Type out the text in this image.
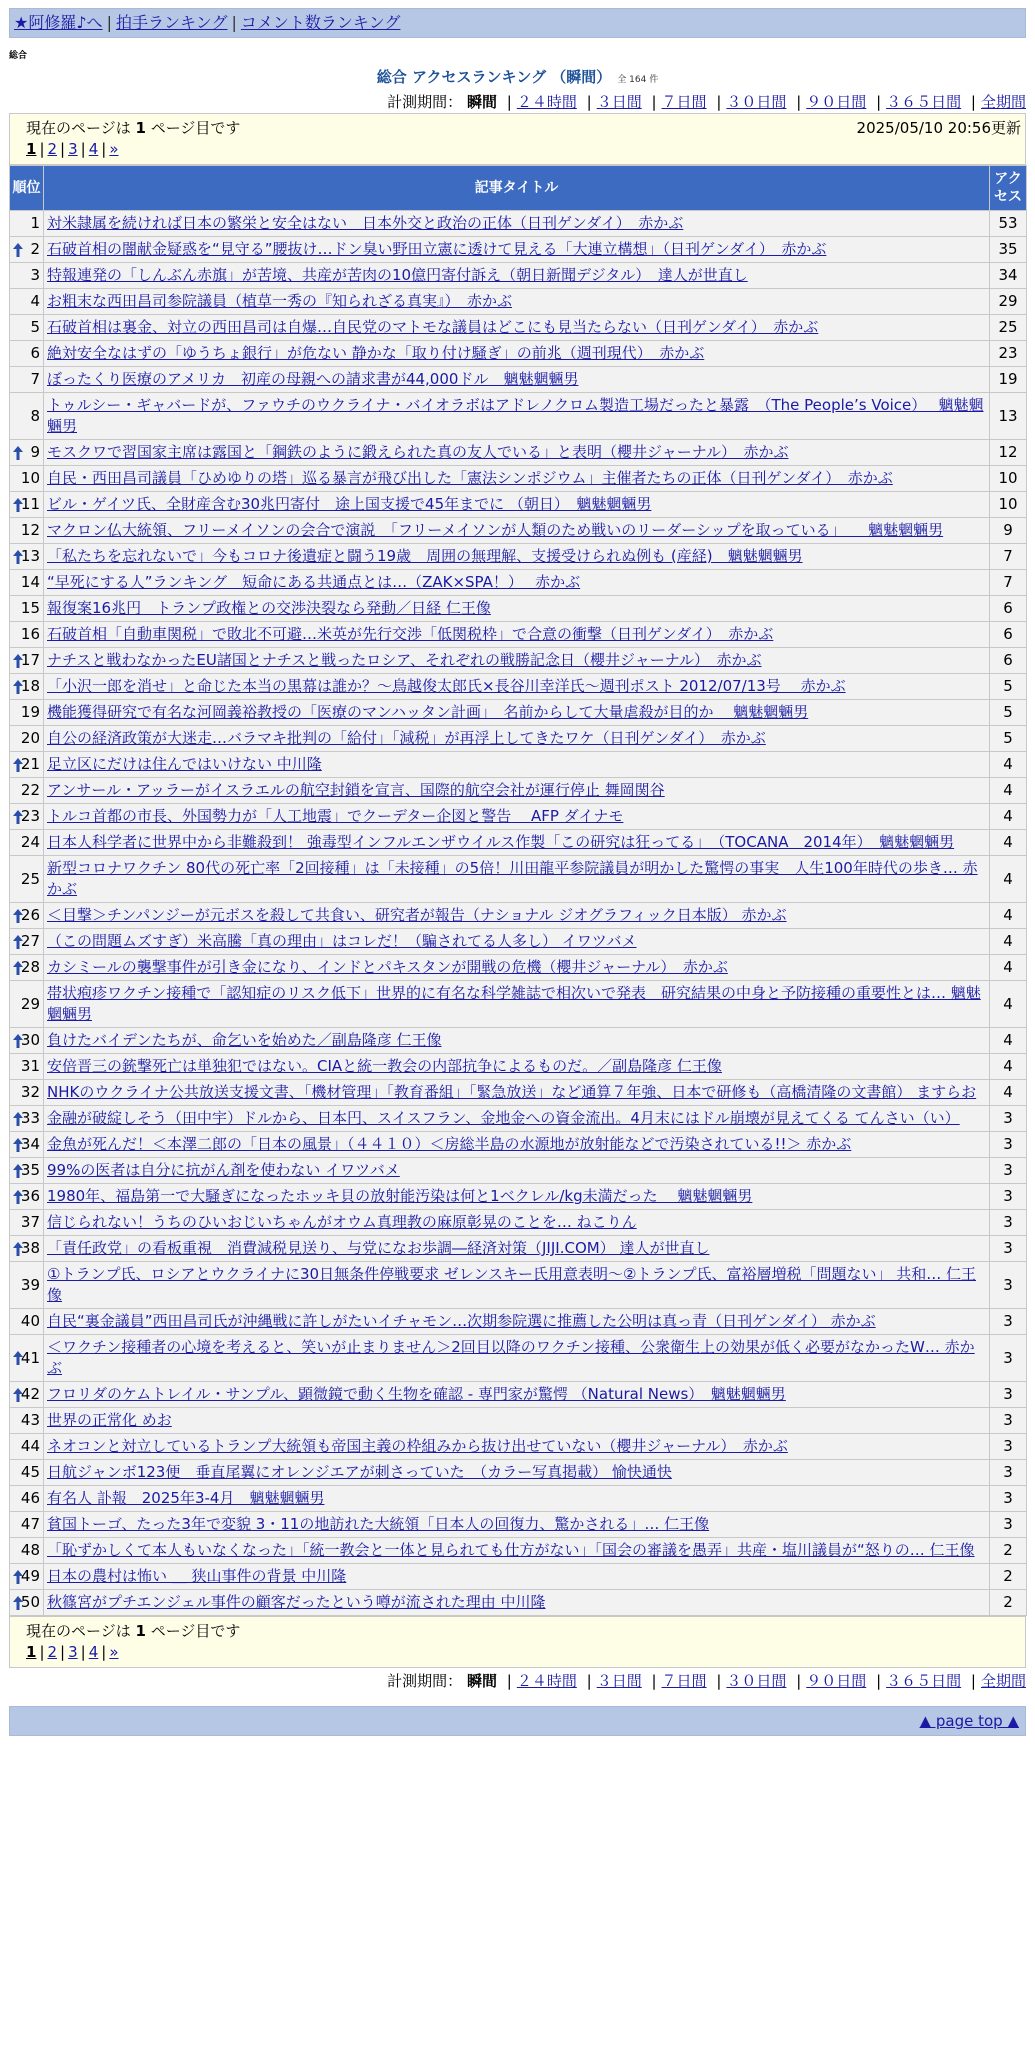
★阿修羅♪へ | 拍手ランキング | コメント数ランキング
総合
総合 アクセスランキング （瞬間） 全 164 件
計測期間： 瞬間 | ２４時間 | ３日間 | ７日間 | ３０日間 | ９０日間 | ３６５日間 | 全期間
現在のページは 1 ページ目です	2025/05/10 20:56更新
1 | 2 | 3 | 4 | »
順位	記事タイトル	アクセス
1	対米隷属を続ければ日本の繁栄と安全はない　日本外交と政治の正体（日刊ゲンダイ）　赤かぶ	53

2	石破首相の闇献金疑惑を“見守る”腰抜け…ドン臭い野田立憲に透けて見える「大連立構想」（日刊ゲンダイ）　赤かぶ	35
3	特報連発の「しんぶん赤旗」が苦境、共産が苦肉の10億円寄付訴え（朝日新聞デジタル）　達人が世直し	34
4	お粗末な西田昌司参院議員（植草一秀の『知られざる真実』）　赤かぶ	29
5	石破首相は裏金、対立の西田昌司は自爆…自民党のマトモな議員はどこにも見当たらない（日刊ゲンダイ）　赤かぶ	25
6	絶対安全なはずの「ゆうちょ銀行」が危ない 静かな「取り付け騒ぎ」の前兆（週刊現代）　赤かぶ	23
7	ぼったくり医療のアメリカ　初産の母親への請求書が44,000ドル　魑魅魍魎男	19
8	トゥルシー・ギャバードが、ファウチのウクライナ・バイオラボはアドレノクロム製造工場だったと暴露　（The People’s Voice）　 魑魅魍魎男	13

9	モスクワで習国家主席は露国と「鋼鉄のように鍛えられた真の友人でいる」と表明（櫻井ジャーナル）　赤かぶ	12
10	自民・西田昌司議員「ひめゆりの塔」巡る暴言が飛び出した「憲法シンポジウム」主催者たちの正体（日刊ゲンダイ）　赤かぶ	10

11	ビル・ゲイツ氏、全財産含む30兆円寄付　途上国支援で45年までに （朝日）　魑魅魍魎男	10
12	マクロン仏大統領、フリーメイソンの会合で演説　「フリーメイソンが人類のため戦いのリーダーシップを取っている」　　魑魅魍魎男	9

13	「私たちを忘れないで」今もコロナ後遺症と闘う19歳　周囲の無理解、支援受けられぬ例も (産経)　魑魅魍魎男	7
14	“早死にする人”ランキング　短命にある共通点とは…（ZAK×SPA！）　 赤かぶ	7
15	報復案16兆円　トランプ政権との交渉決裂なら発動／日経 仁王像	6
16	石破首相「自動車関税」で敗北不可避…米英が先行交渉「低関税枠」で合意の衝撃（日刊ゲンダイ）　赤かぶ	6

17	ナチスと戦わなかったEU諸国とナチスと戦ったロシア、それぞれの戦勝記念日（櫻井ジャーナル）　赤かぶ	6

18	「小沢一郎を消せ」と命じた本当の黒幕は誰か？～鳥越俊太郎氏×長谷川幸洋氏～週刊ポスト 2012/07/13号　 赤かぶ	5
19	機能獲得研究で有名な河岡義裕教授の「医療のマンハッタン計画」　名前からして大量虐殺が目的か　 魑魅魍魎男	5
20	自公の経済政策が大迷走…バラマキ批判の「給付」「減税」が再浮上してきたワケ（日刊ゲンダイ）　赤かぶ	5

21	足立区にだけは住んではいけない 中川隆	4
22	アンサール・アッラーがイスラエルの航空封鎖を宣言、国際的航空会社が運行停止 舞岡関谷	4

23	トルコ首都の市長、外国勢力が「人工地震」でクーデター企図と警告　 AFP ダイナモ	4
24	日本人科学者に世界中から非難殺到！ 強毒型インフルエンザウイルス作製「この研究は狂ってる」　（TOCANA　2014年）　魑魅魍魎男	4
25	新型コロナワクチン 80代の死亡率「2回接種」は「未接種」の5倍！川田龍平参院議員が明かした驚愕の事実　人生100年時代の歩き… 赤かぶ	4

26	＜目撃＞チンパンジーが元ボスを殺して共食い、研究者が報告（ナショナル ジオグラフィック日本版） 赤かぶ	4

27	（この問題ムズすぎ）米高騰「真の理由」はコレだ！（騙されてる人多し） イワツバメ	4

28	カシミールの襲撃事件が引き金になり、インドとパキスタンが開戦の危機（櫻井ジャーナル）　赤かぶ	4
29	帯状疱疹ワクチン接種で「認知症のリスク低下」世界的に有名な科学雑誌で相次いで発表　研究結果の中身と予防接種の重要性とは… 魑魅魍魎男	4

30	負けたバイデンたちが、命乞いを始めた／副島隆彦 仁王像	4
31	安倍晋三の銃撃死亡は単独犯ではない。CIAと統一教会の内部抗争によるものだ。／副島隆彦 仁王像	4
32	NHKのウクライナ公共放送支援文書、「機材管理」「教育番組」「緊急放送」など通算７年強、日本で研修も（高橋清隆の文書館） ますらお	4

33	金融が破綻しそう（田中宇）ドルから、日本円、スイスフラン、金地金への資金流出。4月末にはドル崩壊が見えてくる てんさい（い）	3

34	金魚が死んだ！＜本澤二郎の「日本の風景」（４４１０）＜房総半島の水源地が放射能などで汚染されている!!＞ 赤かぶ	3

35	99%の医者は自分に抗がん剤を使わない イワツバメ	3

36	1980年、福島第一で大騒ぎになったホッキ貝の放射能汚染は何と1ベクレル/kg未満だった　 魑魅魍魎男	3
37	信じられない！うちのひいおじいちゃんがオウム真理教の麻原彰晃のことを… ねこりん	3

38	「責任政党」の看板重視　消費減税見送り、与党になお歩調―経済対策（JIJI.COM） 達人が世直し	3
39	①トランプ氏、ロシアとウクライナに30日無条件停戦要求 ゼレンスキー氏用意表明～②トランプ氏、富裕層増税「問題ない」 共和… 仁王像	3
40	自民“裏金議員”西田昌司氏が沖縄戦に許しがたいイチャモン…次期参院選に推薦した公明は真っ青（日刊ゲンダイ） 赤かぶ	3

41	＜ワクチン接種者の心境を考えると、笑いが止まりません＞2回目以降のワクチン接種、公衆衛生上の効果が低く必要がなかったW… 赤かぶ	3

42	フロリダのケムトレイル・サンプル、顕微鏡で動く生物を確認 - 専門家が驚愕 （Natural News）　魑魅魍魎男	3
43	世界の正常化 めお	3
44	ネオコンと対立しているトランプ大統領も帝国主義の枠組みから抜け出せていない（櫻井ジャーナル）　赤かぶ	3
45	日航ジャンボ123便　垂直尾翼にオレンジエアが刺さっていた　（カラー写真掲載） 愉快通快	3
46	有名人 訃報　2025年3-4月　魑魅魍魎男	3
47	貧国トーゴ、たった3年で変貌 3・11の地訪れた大統領「日本人の回復力、驚かされる」… 仁王像	3
48	「恥ずかしくて本人もいなくなった」「統一教会と一体と見られても仕方がない」「国会の審議を愚弄」共産・塩川議員が“怒りの… 仁王像	2

49	日本の農村は怖い ＿ 狭山事件の背景 中川隆	2

50	秋篠宮がプチエンジェル事件の顧客だったという噂が流された理由 中川隆	2
現在のページは 1 ページ目です
1 | 2 | 3 | 4 | »
計測期間： 瞬間 | ２４時間 | ３日間 | ７日間 | ３０日間 | ９０日間 | ３６５日間 | 全期間
▲ page top ▲
